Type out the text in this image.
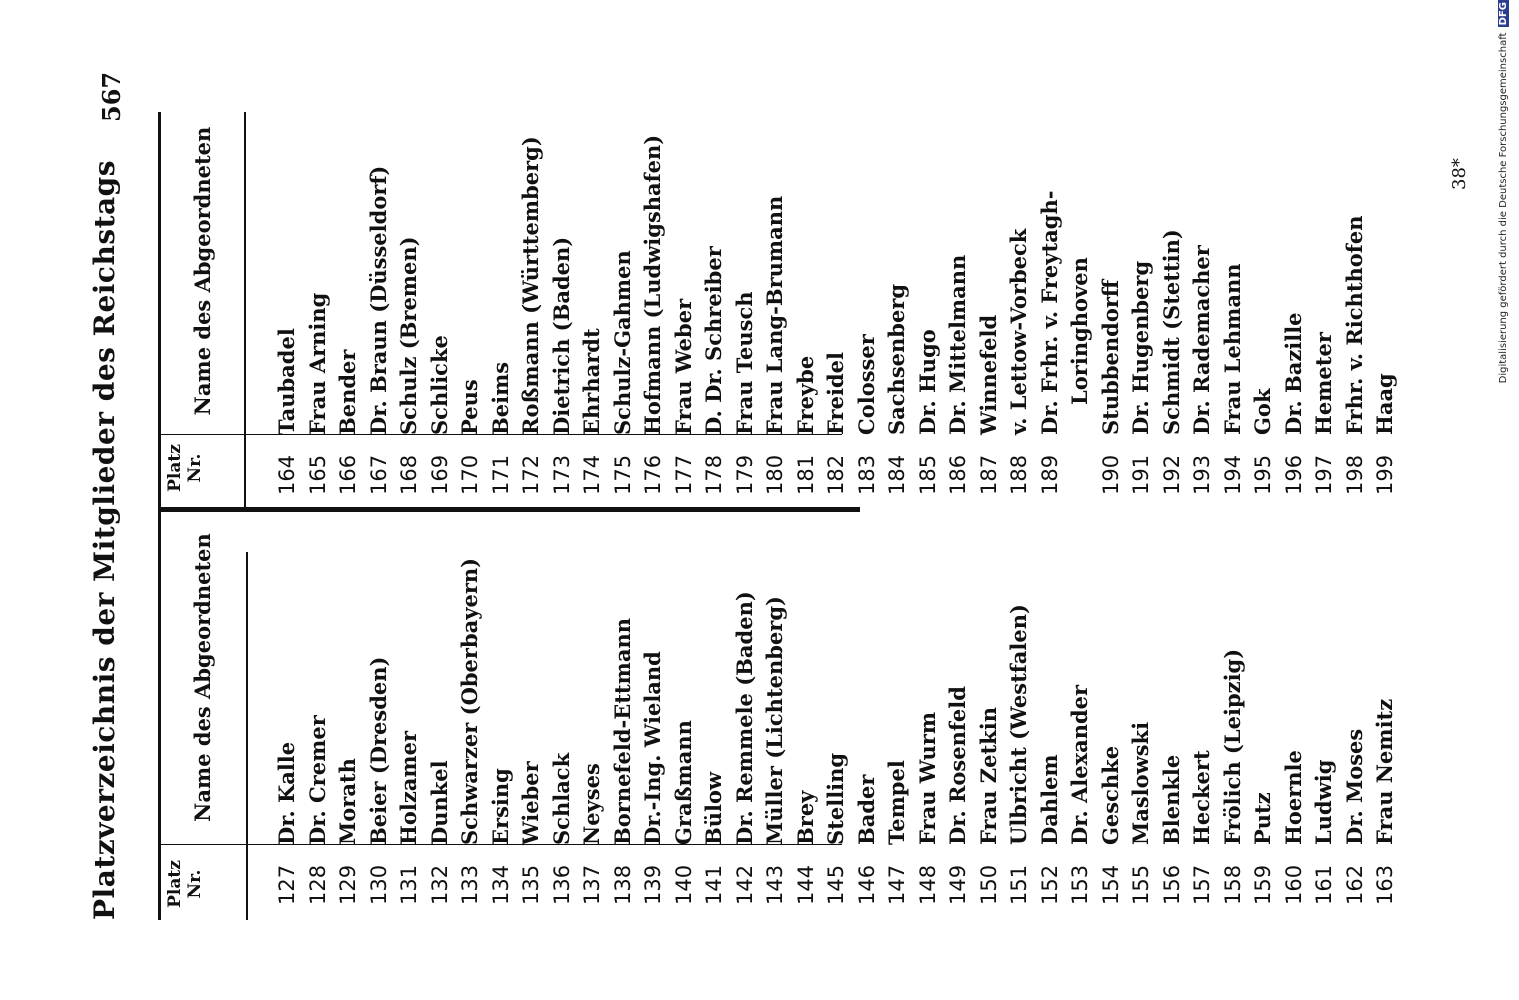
567
Platzverzeichnis der Mitglieder des Reichstags	Platz Nr.
Name des Abgeordneten
Platz Nr.
Name des Abgeordneten
127Dr. Kalle
128Dr. Cremer
129Morath
130Beier (Dresden)
131Holzamer
132Dunkel
133Schwarzer (Oberbayern)
134Ersing
135Wieber
136Schlack
137Neyses
138Bornefeld-Ettmann
139Dr.-Ing. Wieland
140Graßmann
141Bülow
142Dr. Remmele (Baden)
143Müller (Lichtenberg)
144Brey
145Stelling
146Bader
147Tempel
148Frau Wurm
149Dr. Rosenfeld
150Frau Zetkin
151Ulbricht (Westfalen)
152Dahlem
153Dr. Alexander
154Geschke
155Maslowski
156Blenkle
157Heckert
158Frölich (Leipzig)
159Putz
160Hoernle
161Ludwig
162Dr. Moses
163Frau Nemitz
164Taubadel
165Frau Arning
166Bender
167Dr. Braun (Düsseldorf)
168Schulz (Bremen)
169Schlicke
170Peus
171Beims
172Roßmann (Württemberg)
173Dietrich (Baden)
174Ehrhardt
175Schulz-Gahmen
176Hofmann (Ludwigshafen)
177Frau Weber
178D. Dr. Schreiber
179Frau Teusch
180Frau Lang-Brumann
181Freybe
182Freidel
183Colosser
184Sachsenberg
185Dr. Hugo
186Dr. Mittelmann
187Winnefeld
188v. Lettow-Vorbeck
189Dr. Frhr. v. Freytagh- Loringhoven
190Stubbendorff
191Dr. Hugenberg
192Schmidt (Stettin)
193Dr. Rademacher
194Frau Lehmann
195Gok
196Dr. Bazille
197Hemeter
198Frhr. v. Richthofen
199Haag
38*	Digitalisierung gefördert durch die Deutsche Forschungsgemeinschaft DFG
